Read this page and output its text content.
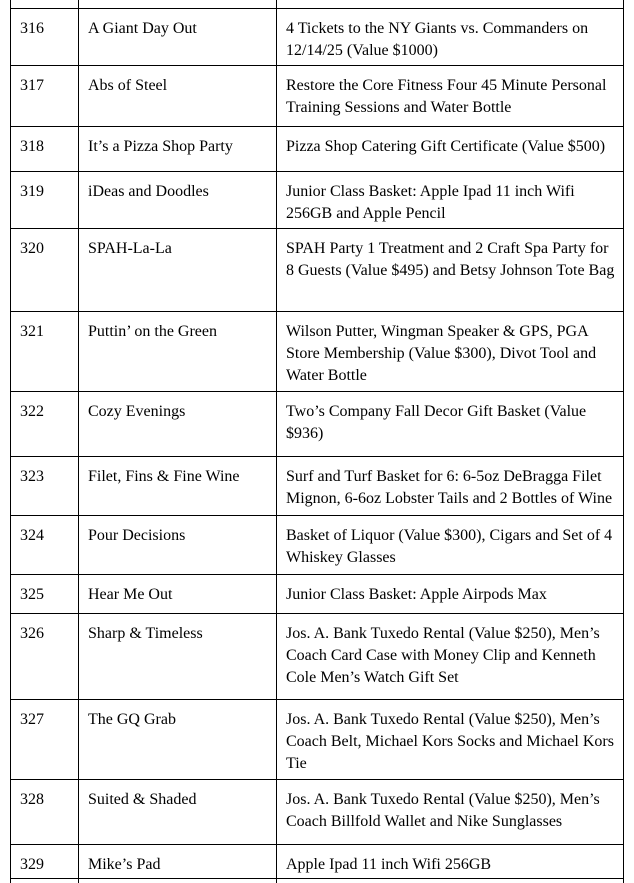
316	A Giant Day Out	4 Tickets to the NY Giants vs. Commanders on 12/14/25 (Value $1000)
317	Abs of Steel	Restore the Core Fitness Four 45 Minute Personal Training Sessions and Water Bottle
318	It’s a Pizza Shop Party	Pizza Shop Catering Gift Certificate (Value $500)
319	iDeas and Doodles	Junior Class Basket: Apple Ipad 11 inch Wifi 256GB and Apple Pencil
320	SPAH-La-La	SPAH Party 1 Treatment and 2 Craft Spa Party for 8 Guests (Value $495) and Betsy Johnson Tote Bag
321	Puttin’ on the Green	Wilson Putter, Wingman Speaker & GPS, PGA Store Membership (Value $300), Divot Tool and Water Bottle
322	Cozy Evenings	Two’s Company Fall Decor Gift Basket (Value $936)
323	Filet, Fins & Fine Wine	Surf and Turf Basket for 6: 6-5oz DeBragga Filet Mignon, 6-6oz Lobster Tails and 2 Bottles of Wine
324	Pour Decisions	Basket of Liquor (Value $300), Cigars and Set of 4 Whiskey Glasses
325	Hear Me Out	Junior Class Basket: Apple Airpods Max
326	Sharp & Timeless	Jos. A. Bank Tuxedo Rental (Value $250), Men’s Coach Card Case with Money Clip and Kenneth Cole Men’s Watch Gift Set
327	The GQ Grab	Jos. A. Bank Tuxedo Rental (Value $250), Men’s Coach Belt, Michael Kors Socks and Michael Kors Tie
328	Suited & Shaded	Jos. A. Bank Tuxedo Rental (Value $250), Men’s Coach Billfold Wallet and Nike Sunglasses
329	Mike’s Pad	Apple Ipad 11 inch Wifi 256GB
